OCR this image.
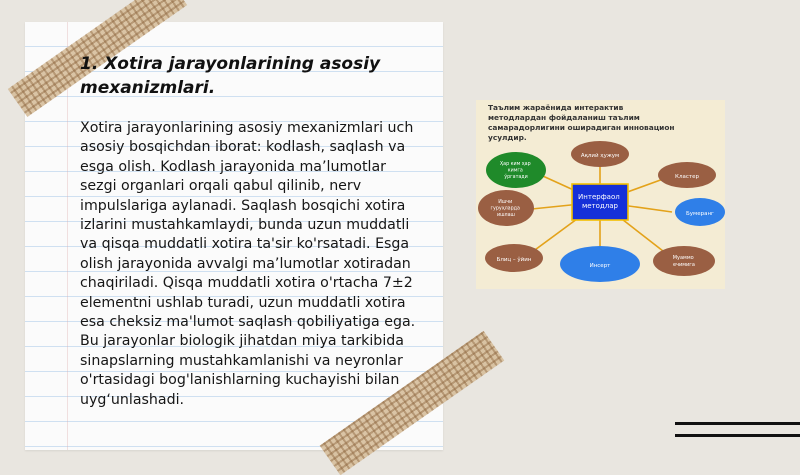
1. Xotira jarayonlarining asosiy mexanizmlari.

Xotira jarayonlarining asosiy mexanizmlari uch asosiy bosqichdan iborat: kodlash, saqlash va esga olish. Kodlash jarayonida ma’lumotlar sezgi organlari orqali qabul qilinib, nerv impulslariga aylanadi. Saqlash bosqichi xotira izlarini mustahkamlaydi, bunda uzun muddatli va qisqa muddatli xotira ta'sir ko'rsatadi. Esga olish jarayonida avvalgi ma’lumotlar xotiradan chaqiriladi. Qisqa muddatli xotira o'rtacha 7±2 elementni ushlab turadi, uzun muddatli xotira esa cheksiz ma'lumot saqlash qobiliyatiga ega. Bu jarayonlar biologik jihatdan miya tarkibida sinapslarning mustahkamlanishi va neyronlar o'rtasidagi bog'lanishlarning kuchayishi bilan uyg‘unlashadi.

Таълим жараёнида интерактив методлардан фойдаланиш таълим самарадорлигини оширадиган инновацион усулдир.
Ақлий ҳужум
Кластер
Бумеранг
Муаммо ечимига
Инсерт
Блиц – ўйин
Ишчи гуруҳларда ишлаш
Ҳар ким ҳар кимга ўргатади
Интерфаол методлар
